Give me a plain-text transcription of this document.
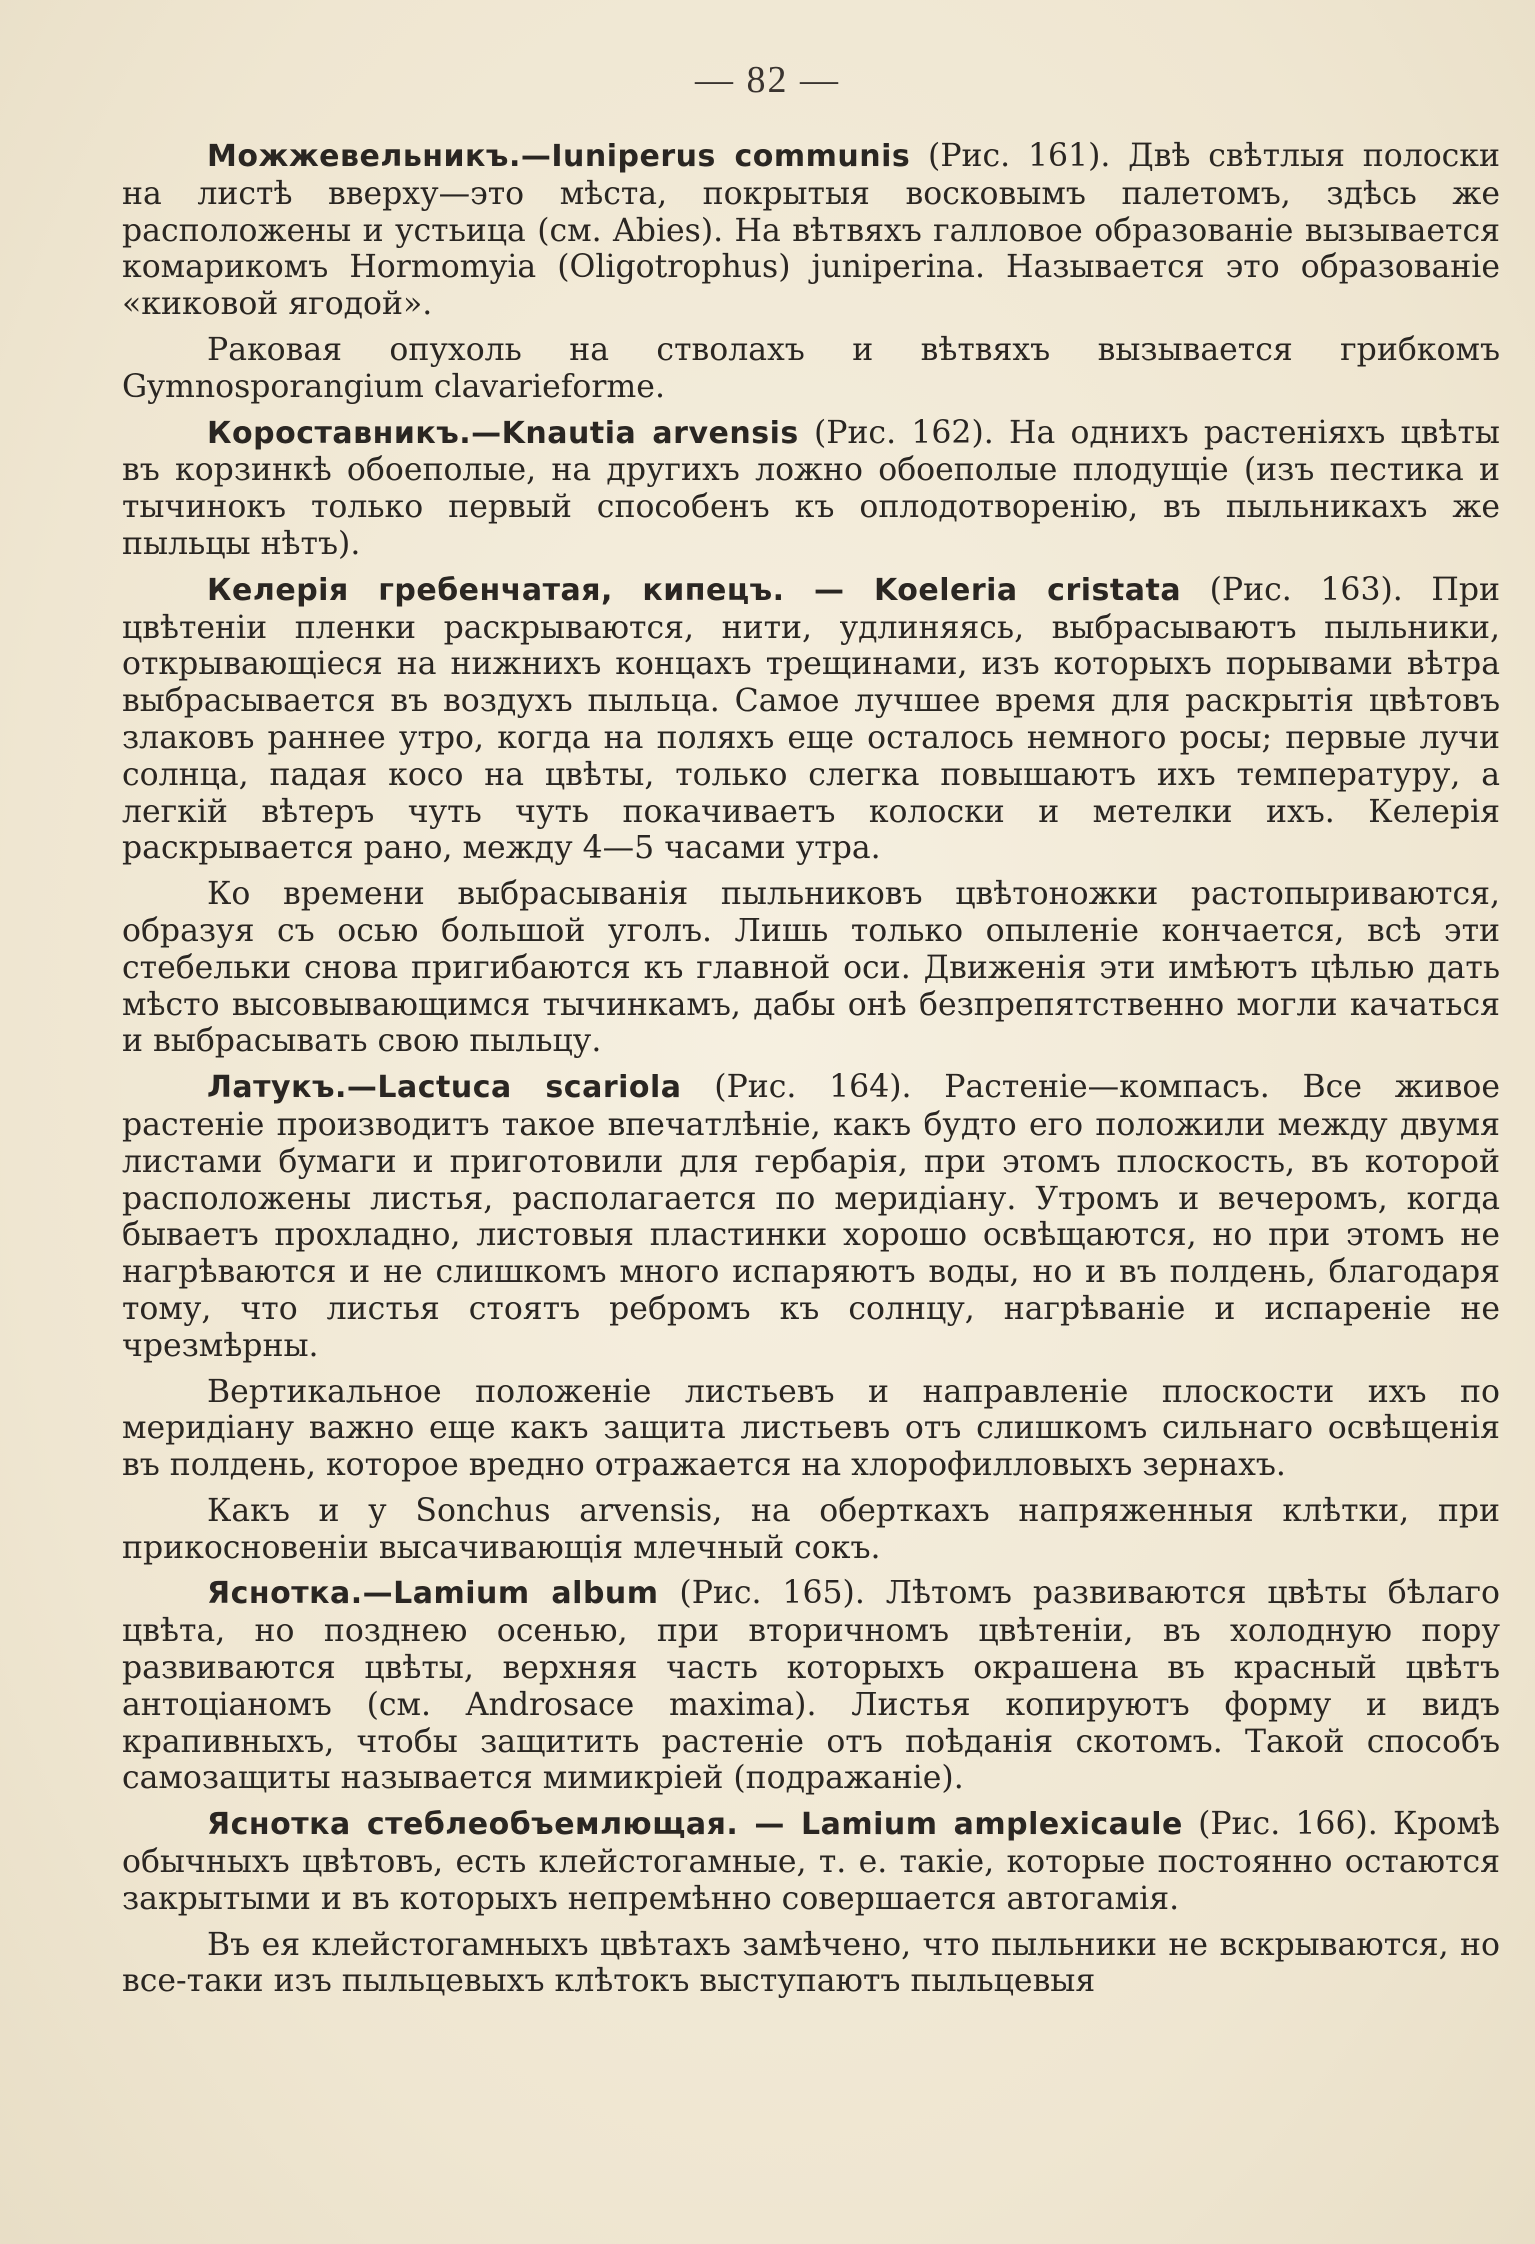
— 82 —

Можжевельникъ.—Iuniperus communis (Рис. 161). Двѣ свѣтлыя полоски на листѣ вверху—это мѣста, покрытыя восковымъ палетомъ, здѣсь же расположены и устьица (см. Abies). На вѣтвяхъ галловое образованіе вызывается комарикомъ Hormomyia (Oligotrophus) juniperina. Называется это образованіе «киковой ягодой».

Раковая опухоль на стволахъ и вѣтвяхъ вызывается грибкомъ Gymnosporangium clavarieforme.

Короставникъ.—Knautia arvensis (Рис. 162). На однихъ растеніяхъ цвѣты въ корзинкѣ обоеполые, на другихъ ложно обоеполые плодущіе (изъ пестика и тычинокъ только первый способенъ къ оплодотворенію, въ пыльникахъ же пыльцы нѣтъ).

Келерія гребенчатая, кипецъ. — Koeleria cristata (Рис. 163). При цвѣтеніи пленки раскрываются, нити, удлиняясь, выбрасываютъ пыльники, открывающіеся на нижнихъ концахъ трещинами, изъ которыхъ порывами вѣтра выбрасывается въ воздухъ пыльца. Самое лучшее время для раскрытія цвѣтовъ злаковъ раннее утро, когда на поляхъ еще осталось немного росы; первые лучи солнца, падая косо на цвѣты, только слегка повышаютъ ихъ температуру, а легкій вѣтеръ чуть чуть покачиваетъ колоски и метелки ихъ. Келерія раскрывается рано, между 4—5 часами утра.

Ко времени выбрасыванія пыльниковъ цвѣтоножки растопыриваются, образуя съ осью большой уголъ. Лишь только опыленіе кончается, всѣ эти стебельки снова пригибаются къ главной оси. Движенія эти имѣютъ цѣлью дать мѣсто высовывающимся тычинкамъ, дабы онѣ безпрепятственно могли качаться и выбрасывать свою пыльцу.

Латукъ.—Lactuca scariola (Рис. 164). Растеніе—компасъ. Все живое растеніе производитъ такое впечатлѣніе, какъ будто его положили между двумя листами бумаги и приготовили для гербарія, при этомъ плоскость, въ которой расположены листья, располагается по меридіану. Утромъ и вечеромъ, когда бываетъ прохладно, листовыя пластинки хорошо освѣщаются, но при этомъ не нагрѣваются и не слишкомъ много испаряютъ воды, но и въ полдень, благодаря тому, что листья стоятъ ребромъ къ солнцу, нагрѣваніе и испареніе не чрезмѣрны.

Вертикальное положеніе листьевъ и направленіе плоскости ихъ по меридіану важно еще какъ защита листьевъ отъ слишкомъ сильнаго освѣщенія въ полдень, которое вредно отражается на хлорофилловыхъ зернахъ.

Какъ и у Sonchus arvensis, на оберткахъ напряженныя клѣтки, при прикосновеніи высачивающія млечный сокъ.

Яснотка.—Lamium album (Рис. 165). Лѣтомъ развиваются цвѣты бѣлаго цвѣта, но позднею осенью, при вторичномъ цвѣтеніи, въ холодную пору развиваются цвѣты, верхняя часть которыхъ окрашена въ красный цвѣтъ антоціаномъ (см. Androsace maxima). Листья копируютъ форму и видъ крапивныхъ, чтобы защитить растеніе отъ поѣданія скотомъ. Такой способъ самозащиты называется мимикріей (подражаніе).

Яснотка стеблеобъемлющая. — Lamium amplexicaule (Рис. 166). Кромѣ обычныхъ цвѣтовъ, есть клейстогамные, т. е. такіе, которые постоянно остаются закрытыми и въ которыхъ непремѣнно совершается автогамія.

Въ ея клейстогамныхъ цвѣтахъ замѣчено, что пыльники не вскрываются, но все-таки изъ пыльцевыхъ клѣтокъ выступаютъ пыльцевыя
